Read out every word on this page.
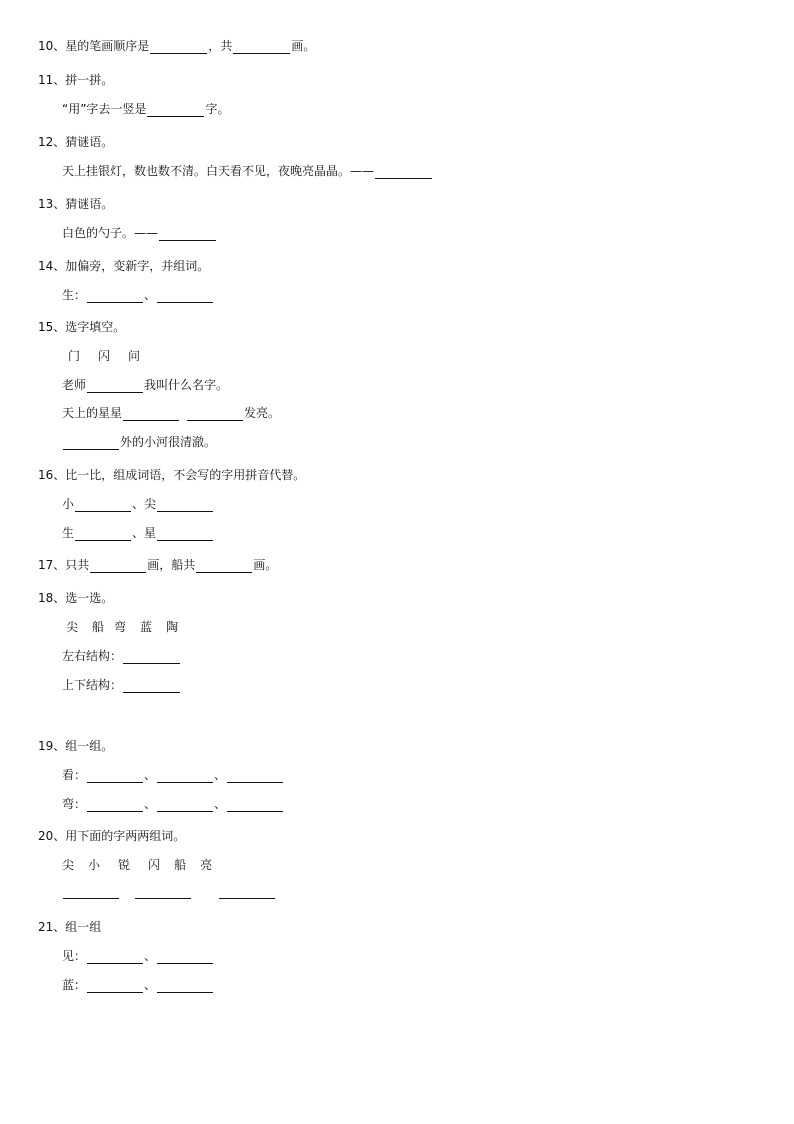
10、 星的笔画顺序是	，共	画。
11、 拼一拼。
“用”字去一竖是	字。
12、 猜谜语。
天上挂银灯，数也数不清。白天看不见，夜晚亮晶晶。——
13、 猜谜语。
白色的勺子。——
14、 加偏旁，变新字，并组词。
生：	、
15、 选字填空。
门 闪 问
老师	我叫什么名字。
天上的星星	发亮。
外的小河很清澈。
16、 比一比，组成词语，不会写的字用拼音代替。
小	、尖
生	、星
17、 只共	画，船共	画。
18、 选一选。
尖 船 弯 蓝 陶
左右结构：
上下结构：
19、 组一组。
看：	、	、
弯：	、	、
20、 用下面的字两两组词。
尖 小 锐 闪 船 亮
21、 组一组
见：	、
蓝：	、
